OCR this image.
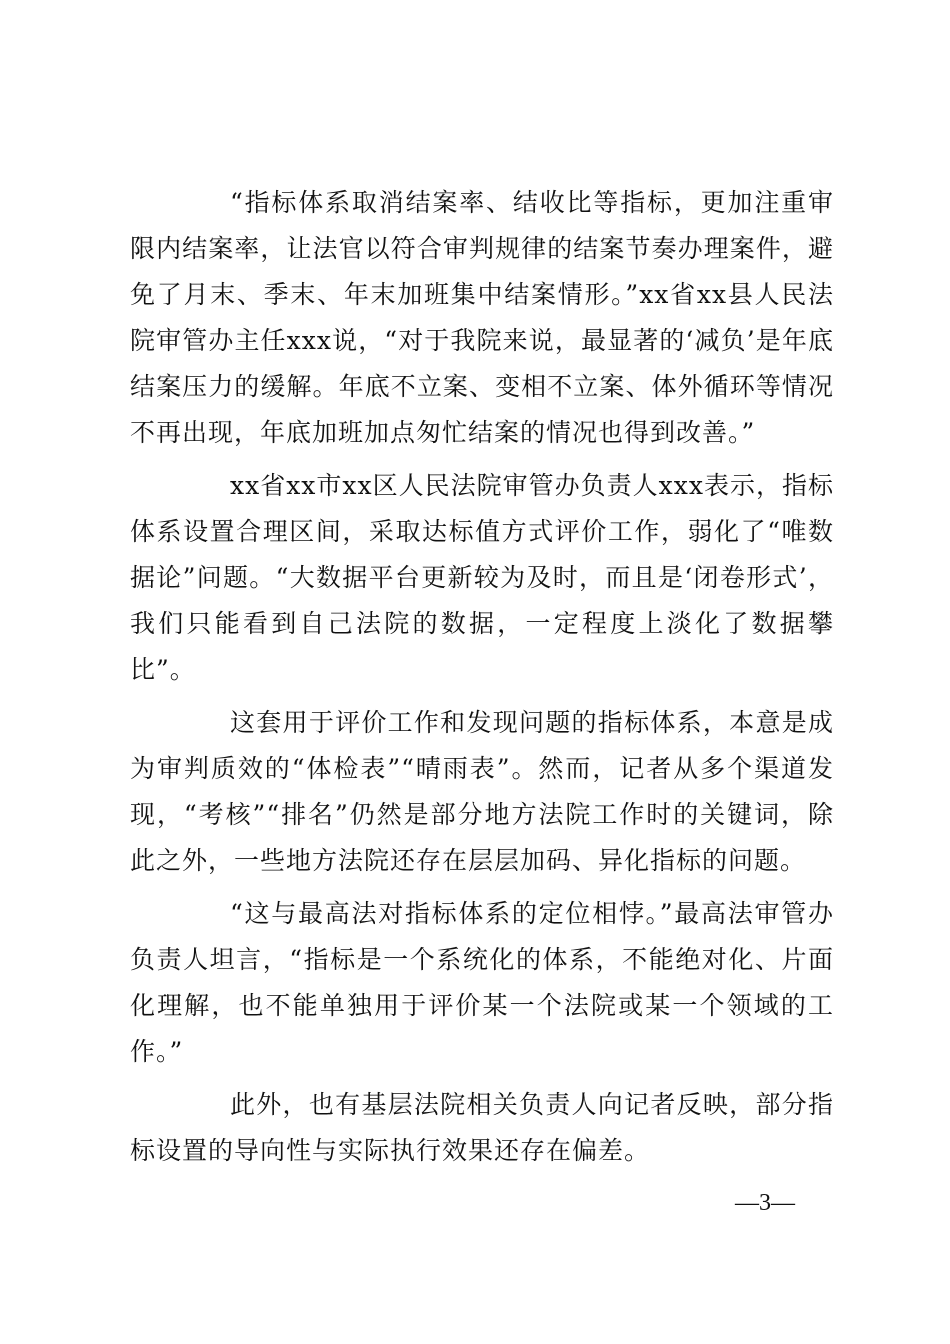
“指标体系取消结案率、结收比等指标，更加注重审限内结案率，让法官以符合审判规律的结案节奏办理案件，避免了月末、季末、年末加班集中结案情形。”xx省xx县人民法院审管办主任xxx说，“对于我院来说，最显著的‘减负’是年底结案压力的缓解。年底不立案、变相不立案、体外循环等情况不再出现，年底加班加点匆忙结案的情况也得到改善。”

xx省xx市xx区人民法院审管办负责人xxx表示，指标体系设置合理区间，采取达标值方式评价工作，弱化了“唯数据论”问题。“大数据平台更新较为及时，而且是‘闭卷形式’，我们只能看到自己法院的数据，一定程度上淡化了数据攀比”。

这套用于评价工作和发现问题的指标体系，本意是成为审判质效的“体检表”“晴雨表”。然而，记者从多个渠道发现，“考核”“排名”仍然是部分地方法院工作时的关键词，除此之外，一些地方法院还存在层层加码、异化指标的问题。

“这与最高法对指标体系的定位相悖。”最高法审管办负责人坦言，“指标是一个系统化的体系，不能绝对化、片面化理解，也不能单独用于评价某一个法院或某一个领域的工作。”

此外，也有基层法院相关负责人向记者反映，部分指标设置的导向性与实际执行效果还存在偏差。

—3—
